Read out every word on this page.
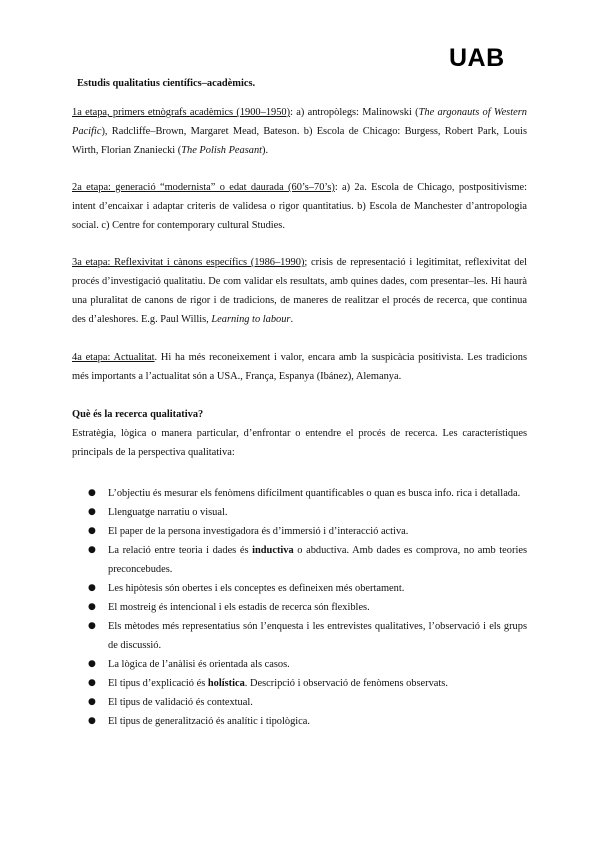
UAB
Estudis qualitatius científics–acadèmics.

1a etapa, primers etnògrafs acadèmics (1900–1950): a) antropòlegs: Malinowski (The argonauts of Western Pacific), Radcliffe–Brown, Margaret Mead, Bateson. b) Escola de Chicago: Burgess, Robert Park, Louis Wirth, Florian Znaniecki (The Polish Peasant).

2a etapa: generació “modernista” o edat daurada (60’s–70’s): a) 2a. Escola de Chicago, postpositivisme: intent d’encaixar i adaptar criteris de validesa o rigor quantitatius. b) Escola de Manchester d’antropologia social. c) Centre for contemporary cultural Studies.

3a etapa: Reflexivitat i cànons específics (1986–1990); crisis de representació i legitimitat, reflexivitat del procés d’investigació qualitatiu. De com validar els resultats, amb quines dades, com presentar–les. Hi haurà una pluralitat de canons de rigor i de tradicions, de maneres de realitzar el procés de recerca, que continua des d’aleshores. E.g. Paul Willis, Learning to labour.

4a etapa: Actualitat. Hi ha més reconeixement i valor, encara amb la suspicàcia positivista. Les tradicions més importants a l’actualitat són a USA., França, Espanya (Ibánez), Alemanya.

Què és la recerca qualitativa?

Estratègia, lògica o manera particular, d’enfrontar o entendre el procés de recerca. Les característiques principals de la perspectiva qualitativa:

● L’objectiu és mesurar els fenòmens difícilment quantificables o quan es busca info. rica i detallada.
● Llenguatge narratiu o visual.
● El paper de la persona investigadora és d’immersió i d’interacció activa.
● La relació entre teoria i dades és inductiva o abductiva. Amb dades es comprova, no amb teories preconcebudes.
● Les hipòtesis són obertes i els conceptes es defineixen més obertament.
● El mostreig és intencional i els estadis de recerca són flexibles.
● Els mètodes més representatius són l’enquesta i les entrevistes qualitatives, l’observació i els grups de discussió.
● La lògica de l’anàlisi és orientada als casos.
● El tipus d’explicació és holística. Descripció i observació de fenòmens observats.
● El tipus de validació és contextual.
● El tipus de generalització és analític i tipològica.
